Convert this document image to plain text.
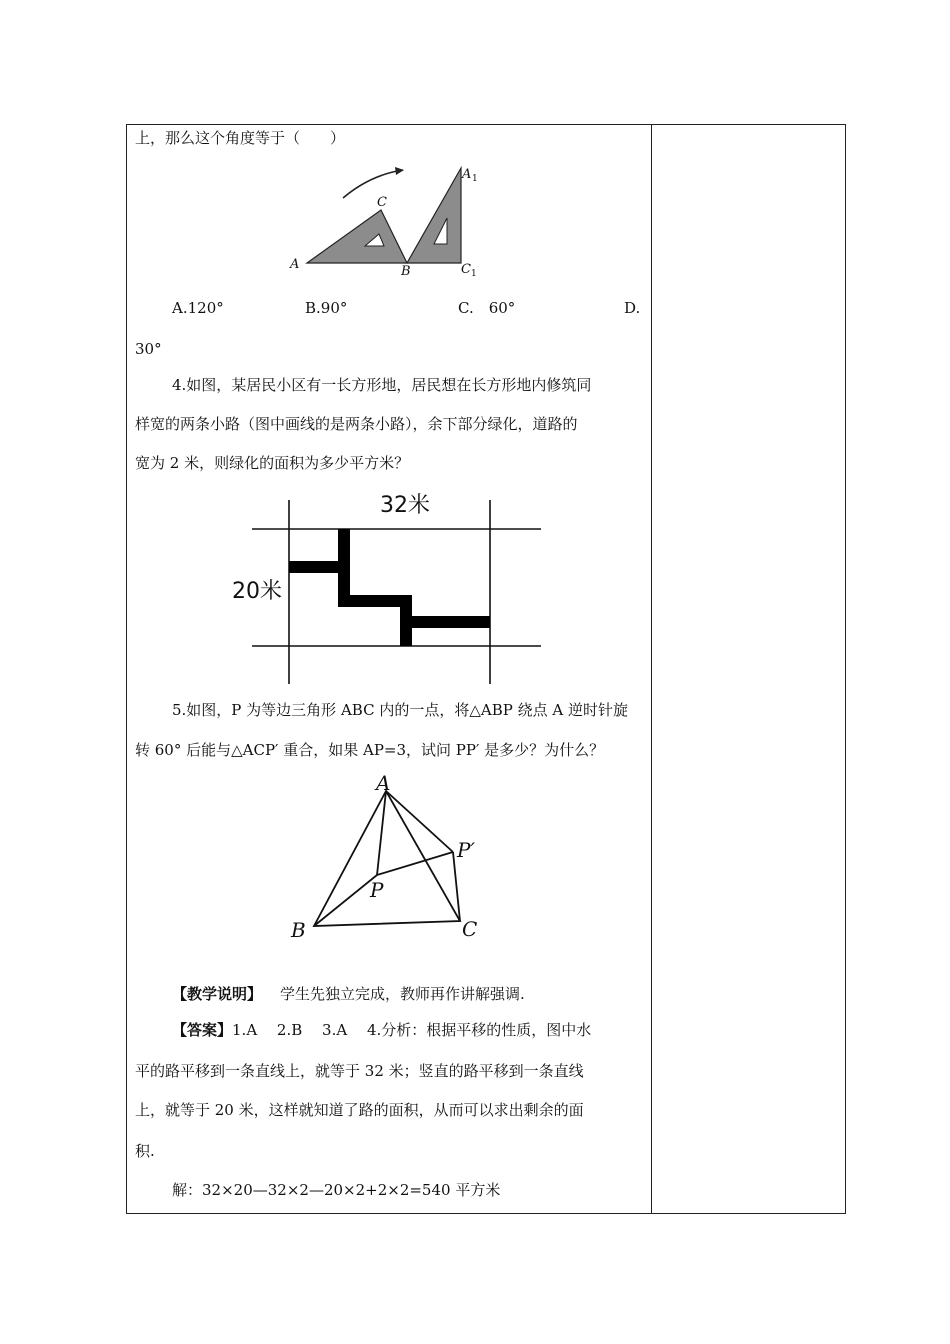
上，那么这个角度等于（　　）
A	B
C
A 1
C 1
A.120°	B.90°	C.　60°	D.
30°
4.如图，某居民小区有一长方形地，居民想在长方形地内修筑同
样宽的两条小路（图中画线的是两条小路），余下部分绿化，道路的
宽为 2 米，则绿化的面积为多少平方米？
32米
20米
5.如图，P 为等边三角形 ABC 内的一点，将△ABP 绕点 A 逆时针旋
转 60° 后能与△ACP′ 重合，如果 AP=3，试问 PP′ 是多少？为什么？
A
B	C
P
P′
【教学说明】 学生先独立完成，教师再作讲解强调.
【答案】1.A　 2.B　 3.A　 4.分析：根据平移的性质，图中水
平的路平移到一条直线上，就等于 32 米；竖直的路平移到一条直线
上，就等于 20 米，这样就知道了路的面积，从而可以求出剩余的面
积.
解：32×20—32×2—20×2+2×2=540 平方米
